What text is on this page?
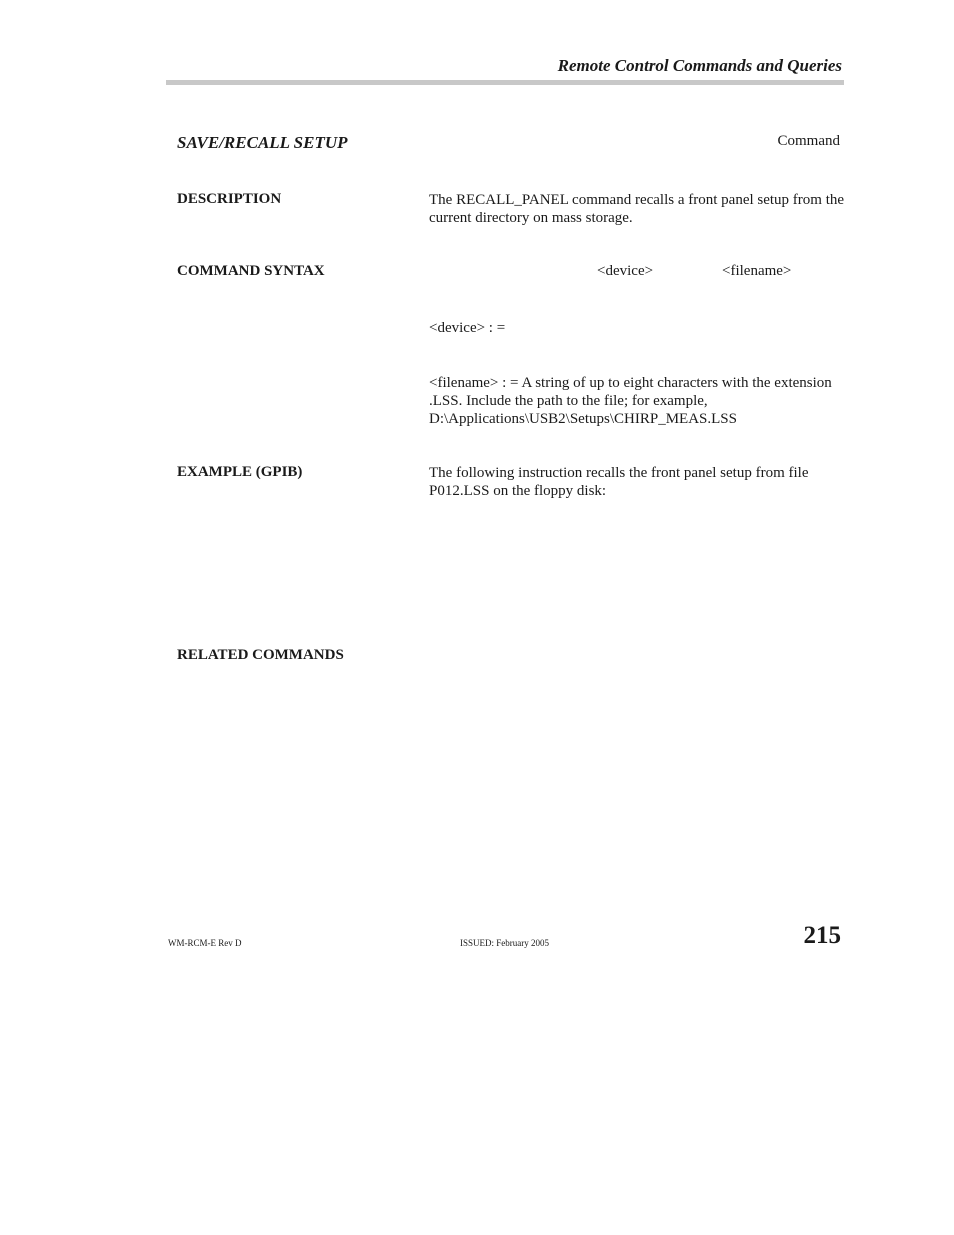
Remote Control Commands and Queries
SAVE/RECALL SETUP	Command
DESCRIPTION	The RECALL_PANEL command recalls a front panel setup from the current directory on mass storage.
COMMAND SYNTAX	<device>	<filename>
<device> : =
<filename> : = A string of up to eight characters with the extension .LSS. Include the path to the file; for example, D:\Applications\USB2\Setups\CHIRP_MEAS.LSS
EXAMPLE (GPIB)	The following instruction recalls the front panel setup from file P012.LSS on the floppy disk:
RELATED COMMANDS
WM-RCM-E Rev D	ISSUED: February 2005	215
